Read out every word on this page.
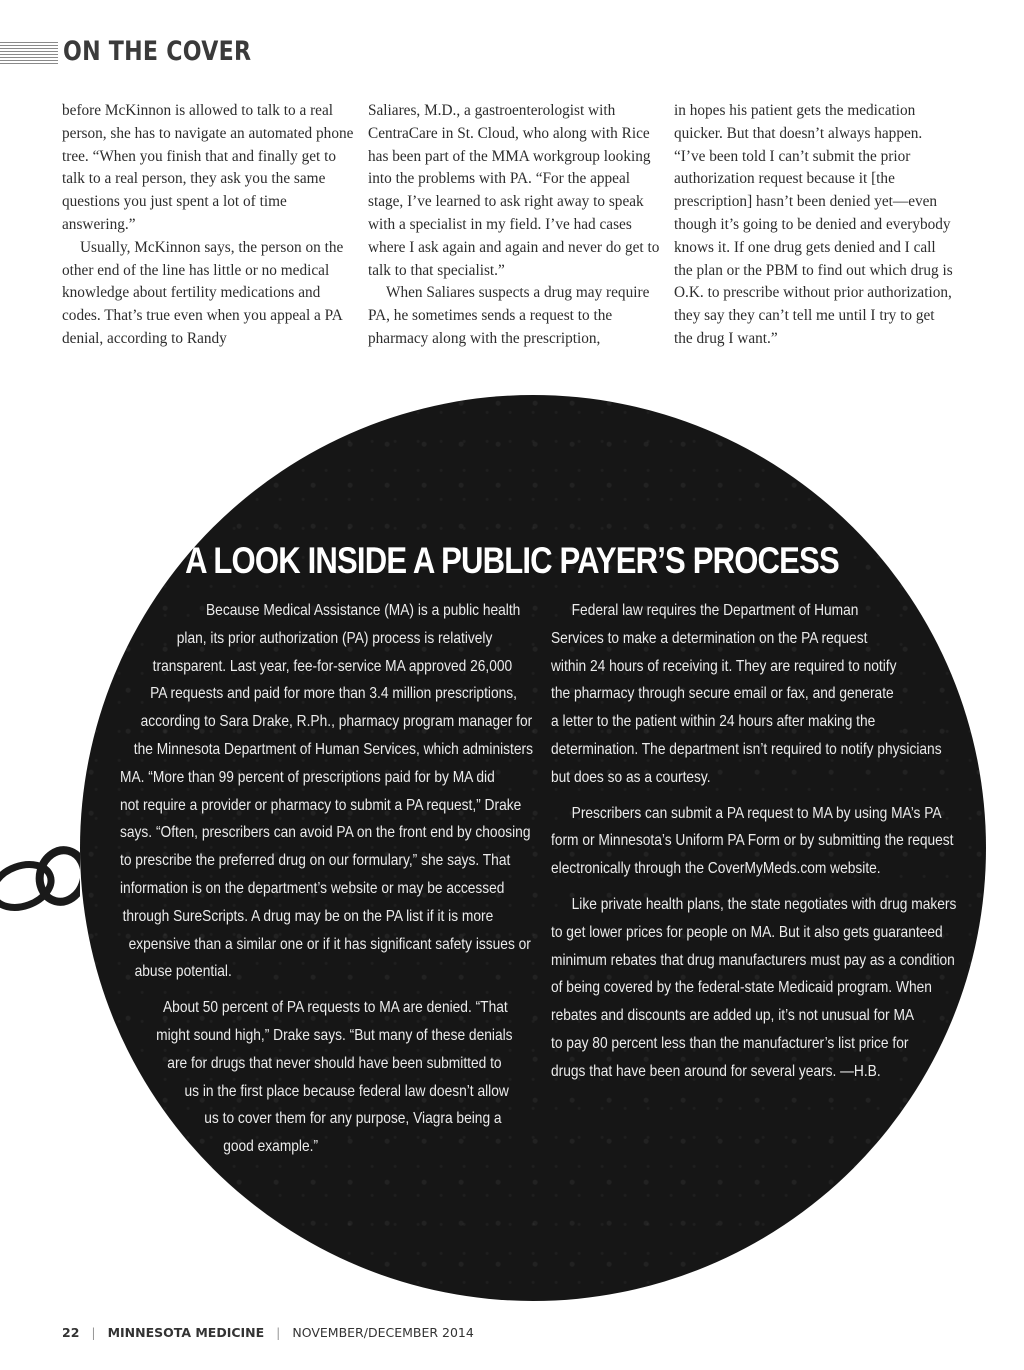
ON THE COVER

before McKinnon is allowed to talk to a real person, she has to navigate an automated phone tree. “When you finish that and finally get to talk to a real person, they ask you the same questions you just spent a lot of time answering.”

Usually, McKinnon says, the person on the other end of the line has little or no medical knowledge about fertility medications and codes. That’s true even when you appeal a PA denial, according to Randy

Saliares, M.D., a gastroenterologist with CentraCare in St. Cloud, who along with Rice has been part of the MMA workgroup looking into the problems with PA. “For the appeal stage, I’ve learned to ask right away to speak with a specialist in my field. I’ve had cases where I ask again and again and never do get to talk to that specialist.”

When Saliares suspects a drug may require PA, he sometimes sends a request to the pharmacy along with the prescription,

in hopes his patient gets the medication quicker. But that doesn’t always happen. “I’ve been told I can’t submit the prior authorization request because it [the prescription] hasn’t been denied yet—even though it’s going to be denied and everybody knows it. If one drug gets denied and I call the plan or the PBM to find out which drug is O.K. to prescribe without prior authorization, they say they can’t tell me until I try to get the drug I want.”

A LOOK INSIDE A PUBLIC PAYER’S PROCESS
Because Medical Assistance (MA) is a public health
plan, its prior authorization (PA) process is relatively
transparent. Last year, fee-for-service MA approved 26,000
PA requests and paid for more than 3.4 million prescriptions,
according to Sara Drake, R.Ph., pharmacy program manager for
the Minnesota Department of Human Services, which administers
MA. “More than 99 percent of prescriptions paid for by MA did
not require a provider or pharmacy to submit a PA request,” Drake
says. “Often, prescribers can avoid PA on the front end by choosing
to prescribe the preferred drug on our formulary,” she says. That
information is on the department’s website or may be accessed
through SureScripts. A drug may be on the PA list if it is more
expensive than a similar one or if it has significant safety issues or
abuse potential.
About 50 percent of PA requests to MA are denied. “That
might sound high,” Drake says. “But many of these denials
are for drugs that never should have been submitted to
us in the first place because federal law doesn’t allow
us to cover them for any purpose, Viagra being a
good example.”
Federal law requires the Department of Human
Services to make a determination on the PA request
within 24 hours of receiving it. They are required to notify
the pharmacy through secure email or fax, and generate
a letter to the patient within 24 hours after making the
determination. The department isn’t required to notify physicians
but does so as a courtesy.
Prescribers can submit a PA request to MA by using MA’s PA
form or Minnesota’s Uniform PA Form or by submitting the request
electronically through the CoverMyMeds.com website.
Like private health plans, the state negotiates with drug makers
to get lower prices for people on MA. But it also gets guaranteed
minimum rebates that drug manufacturers must pay as a condition
of being covered by the federal-state Medicaid program. When
rebates and discounts are added up, it’s not unusual for MA
to pay 80 percent less than the manufacturer’s list price for
drugs that have been around for several years. —H.B.
22 | MINNESOTA MEDICINE | NOVEMBER/DECEMBER 2014
